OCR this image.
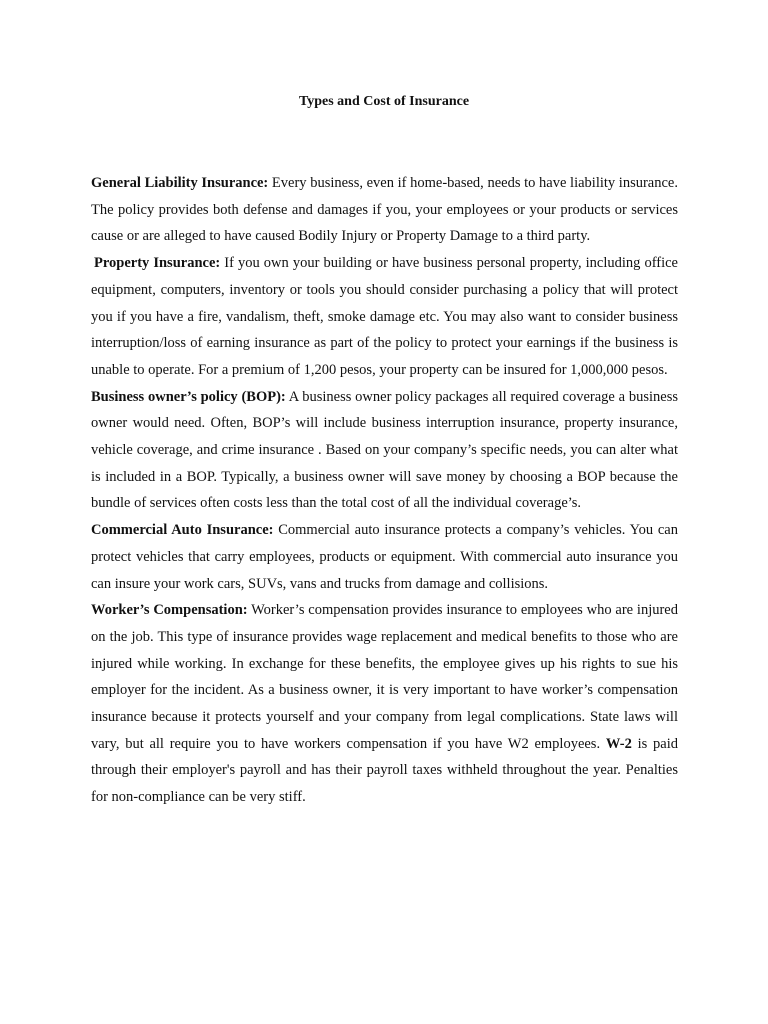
Types and Cost of Insurance

General Liability Insurance: Every business, even if home-based, needs to have liability insurance. The policy provides both defense and damages if you, your employees or your products or services cause or are alleged to have caused Bodily Injury or Property Damage to a third party.

Property Insurance: If you own your building or have business personal property, including office equipment, computers, inventory or tools you should consider purchasing a policy that will protect you if you have a fire, vandalism, theft, smoke damage etc. You may also want to consider business interruption/loss of earning insurance as part of the policy to protect your earnings if the business is unable to operate. For a premium of 1,200 pesos, your property can be insured for 1,000,000 pesos.

Business owner’s policy (BOP): A business owner policy packages all required coverage a business owner would need. Often, BOP’s will include business interruption insurance, property insurance, vehicle coverage, and crime insurance . Based on your company’s specific needs, you can alter what is included in a BOP. Typically, a business owner will save money by choosing a BOP because the bundle of services often costs less than the total cost of all the individual coverage’s.

Commercial Auto Insurance: Commercial auto insurance protects a company’s vehicles. You can protect vehicles that carry employees, products or equipment. With commercial auto insurance you can insure your work cars, SUVs, vans and trucks from damage and collisions.

Worker’s Compensation: Worker’s compensation provides insurance to employees who are injured on the job. This type of insurance provides wage replacement and medical benefits to those who are injured while working. In exchange for these benefits, the employee gives up his rights to sue his employer for the incident. As a business owner, it is very important to have worker’s compensation insurance because it protects yourself and your company from legal complications. State laws will vary, but all require you to have workers compensation if you have W2 employees. W-2 is paid through their employer's payroll and has their payroll taxes withheld throughout the year. Penalties for non-compliance can be very stiff.
